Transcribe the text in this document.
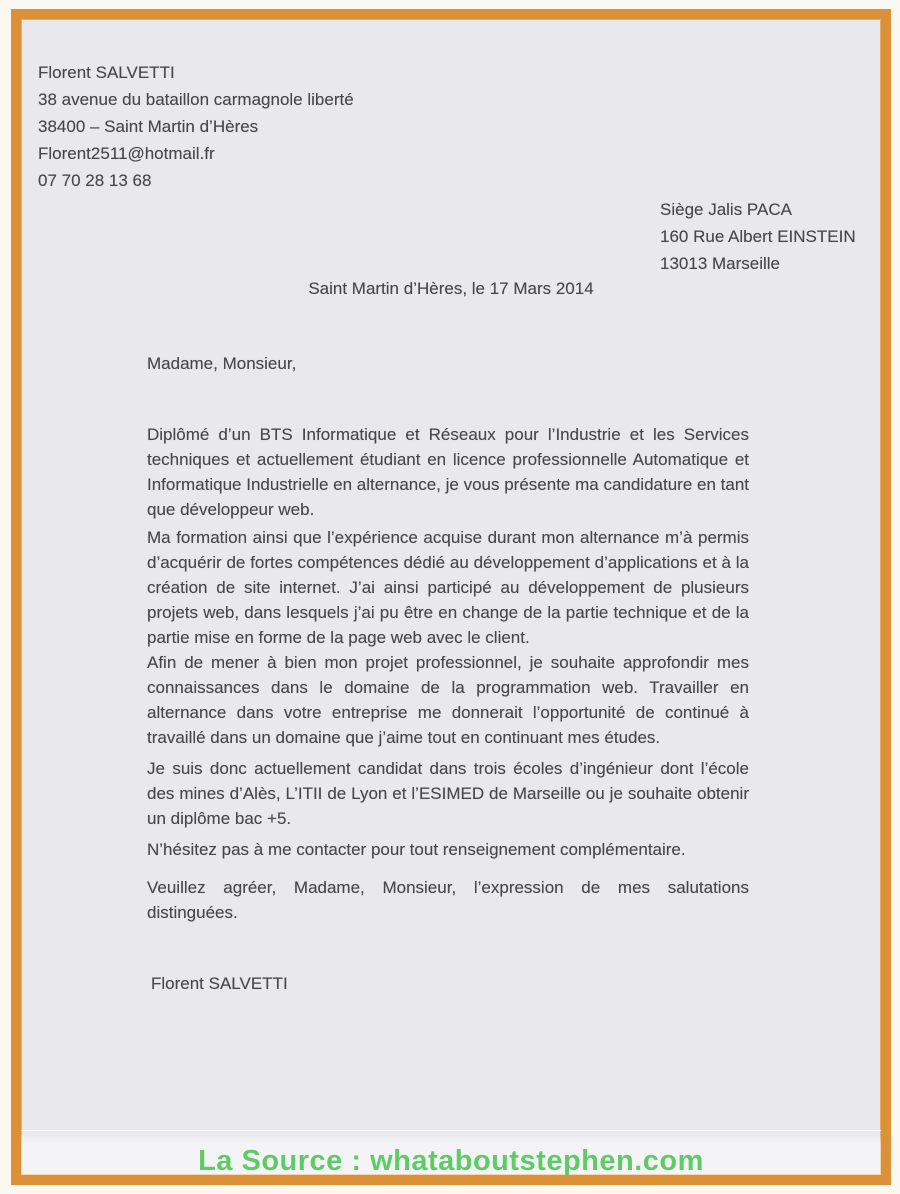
Florent SALVETTI
38 avenue du bataillon carmagnole liberté
38400 – Saint Martin d’Hères
Florent2511@hotmail.fr
07 70 28 13 68
Siège Jalis PACA
160 Rue Albert EINSTEIN
13013 Marseille
Saint Martin d’Hères, le 17 Mars 2014
Madame, Monsieur,

Diplômé d’un BTS Informatique et Réseaux pour l’Industrie et les Services techniques et actuellement étudiant en licence professionnelle Automatique et Informatique Industrielle en alternance, je vous présente ma candidature en tant que développeur web.

Ma formation ainsi que l’expérience acquise durant mon alternance m’à permis d’acquérir de fortes compétences dédié au développement d’applications et à la création de site internet. J’ai ainsi participé au développement de plusieurs projets web, dans lesquels j’ai pu être en change de la partie technique et de la partie mise en forme de la page web avec le client.

Afin de mener à bien mon projet professionnel, je souhaite approfondir mes connaissances dans le domaine de la programmation web. Travailler en alternance dans votre entreprise me donnerait l’opportunité de continué à travaillé dans un domaine que j’aime tout en continuant mes études.

Je suis donc actuellement candidat dans trois écoles d’ingénieur dont l’école des mines d’Alès, L’ITII de Lyon et l’ESIMED de Marseille ou je souhaite obtenir un diplôme bac +5.

N’hésitez pas à me contacter pour tout renseignement complémentaire.

Veuillez agréer, Madame, Monsieur, l’expression de mes salutations distinguées.

Florent SALVETTI
La Source : whataboutstephen.com
